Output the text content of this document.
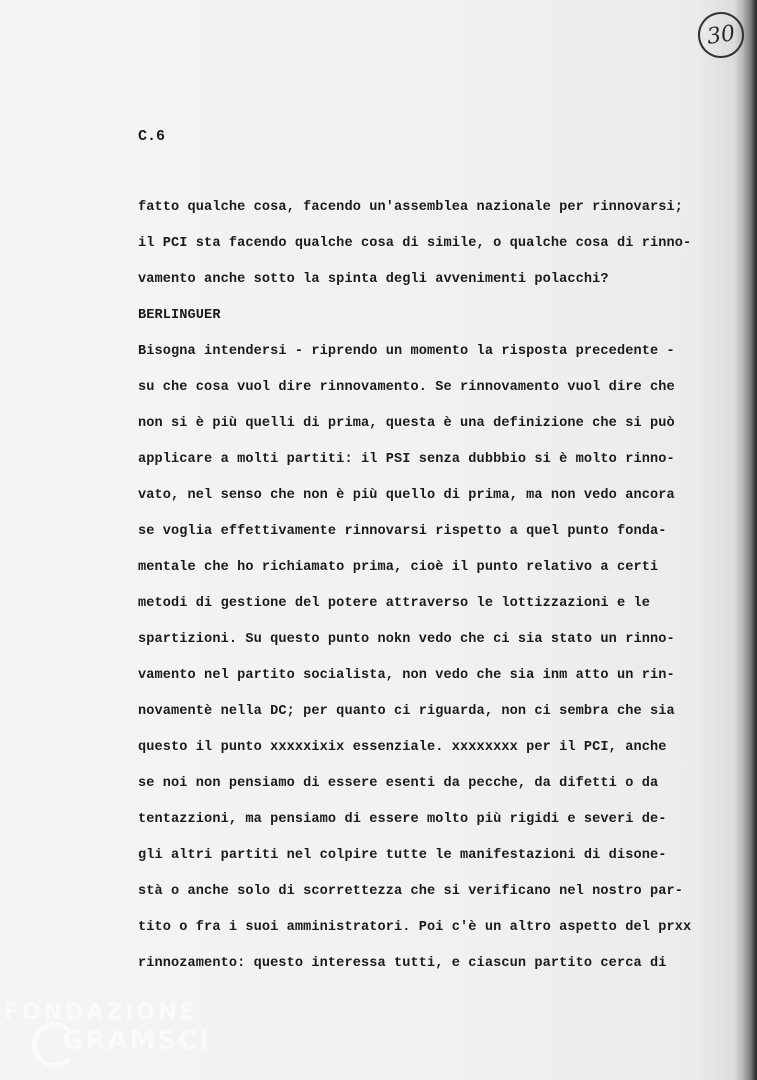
30
C.6
fatto qualche cosa, facendo un'assemblea nazionale per rinnovarsi;
il PCI sta facendo qualche cosa di simile, o qualche cosa di rinno-
vamento anche sotto la spinta degli avvenimenti polacchi?
BERLINGUER
Bisogna intendersi - riprendo un momento la risposta precedente -
su che cosa vuol dire rinnovamento. Se rinnovamento vuol dire che
non si è più quelli di prima, questa è una definizione che si può
applicare a molti partiti: il PSI senza dubbbio si è molto rinno-
vato, nel senso che non è più quello di prima, ma non vedo ancora
se voglia effettivamente rinnovarsi rispetto a quel punto fonda-
mentale che ho richiamato prima, cioè il punto relativo a certi
metodi di gestione del potere attraverso le lottizzazioni e le
spartizioni. Su questo punto nokn vedo che ci sia stato un rinno-
vamento nel partito socialista, non vedo che sia inm atto un rin-
novamentè nella DC; per quanto ci riguarda, non ci sembra che sia
questo il punto xxxxxixix essenziale. xxxxxxxx per il PCI, anche
se noi non pensiamo di essere esenti da pecche, da difetti o da
tentazzioni, ma pensiamo di essere molto più rigidi e severi de-
gli altri partiti nel colpire tutte le manifestazioni di disone-
stà o anche solo di scorrettezza che si verificano nel nostro par-
tito o fra i suoi amministratori. Poi c'è un altro aspetto del prxx
rinnozamento: questo interessa tutti, e ciascun partito cerca di
FONDAZIONE
GRAMSCI
